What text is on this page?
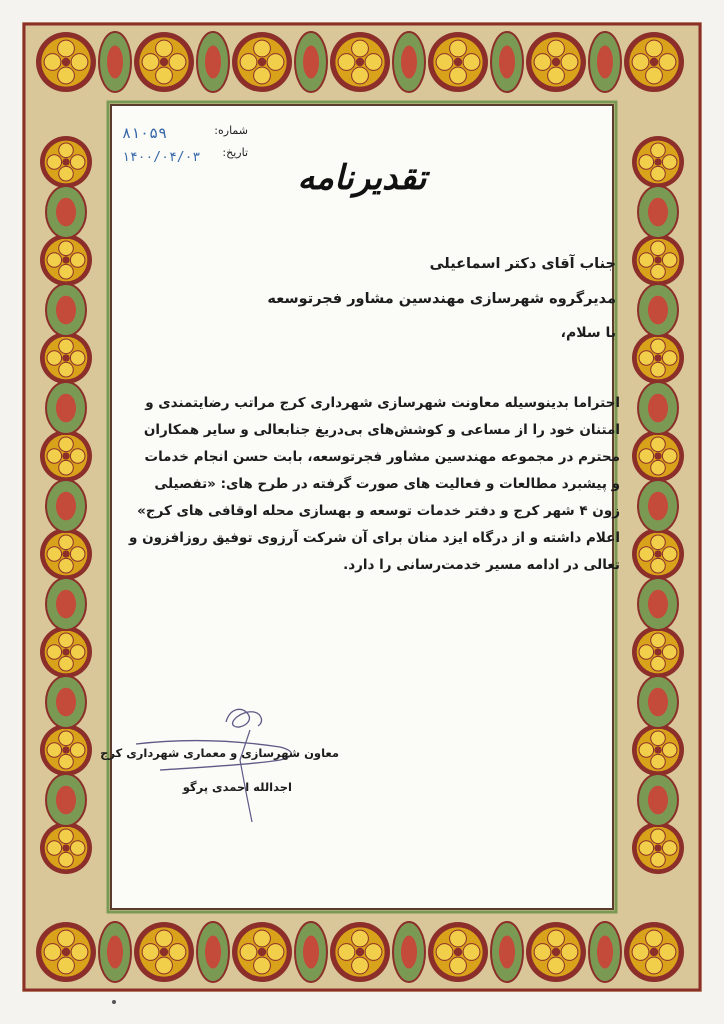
شماره:
تاریخ:
۸۱۰۵۹
۱۴۰۰/۰۴/۰۳
تقدیرنامه
جناب آقای دکتر اسماعیلی
مدیرگروه شهرسازی مهندسین مشاور فجرتوسعه
با سلام،

احتراما بدینوسیله معاونت شهرسازی شهرداری کرج مراتب رضایتمندی و

امتنان خود را از مساعی و کوشش‌های بی‌دریغ جنابعالی و سایر همکاران

محترم در مجموعه مهندسین مشاور فجرتوسعه، بابت حسن انجام خدمات

و پیشبرد مطالعات و فعالیت های صورت گرفته در طرح های: «تفصیلی

زون ۴ شهر کرج و دفتر خدمات توسعه و بهسازی محله اوقافی های کرج»

اعلام داشته و از درگاه ایزد منان برای آن شرکت آرزوی توفیق روزافزون و

تعالی در ادامه مسیر خدمت‌رسانی را دارد.

معاون شهرسازی و معماری شهرداری کرج
اجدالله احمدی پرگو
